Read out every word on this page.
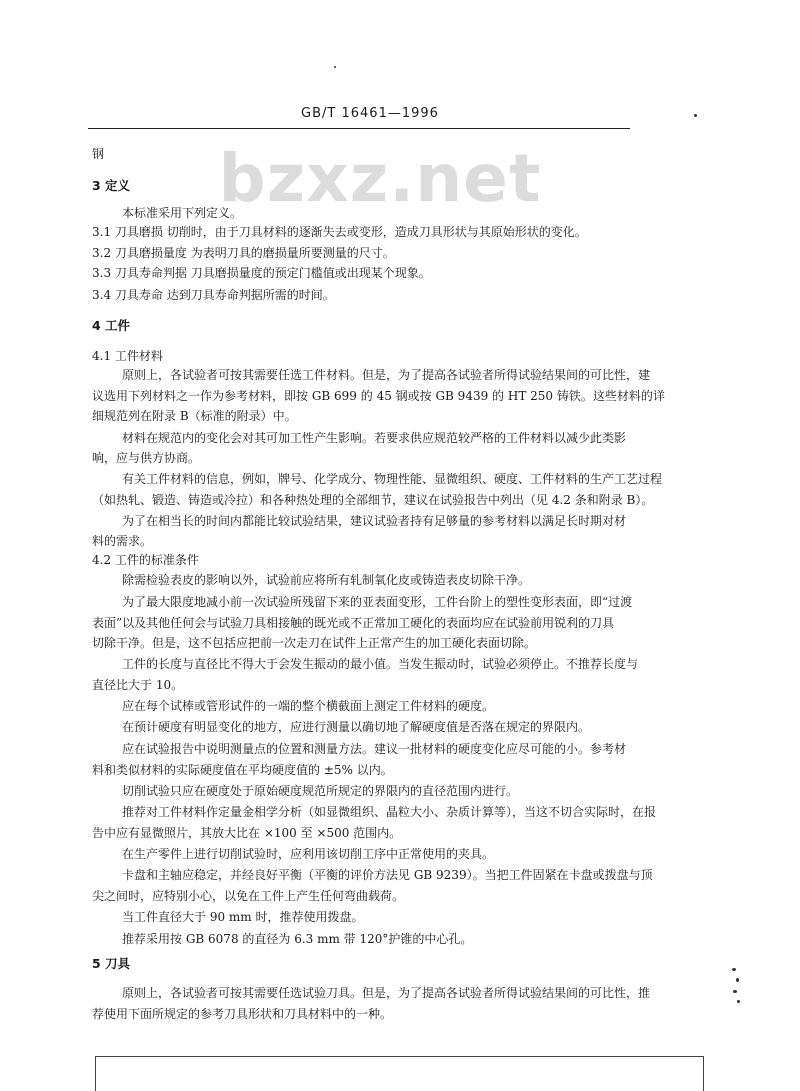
GB/T 16461—1996
bzxz.net
钢
3 定义
本标准采用下列定义。
3.1 刀具磨损 切削时，由于刀具材料的逐渐失去或变形，造成刀具形状与其原始形状的变化。
3.2 刀具磨损量度 为表明刀具的磨损量所要测量的尺寸。
3.3 刀具寿命判据 刀具磨损量度的预定门槛值或出现某个现象。
3.4 刀具寿命 达到刀具寿命判据所需的时间。
4 工件
4.1 工件材料
原则上，各试验者可按其需要任选工件材料。但是，为了提高各试验者所得试验结果间的可比性，建
议选用下列材料之一作为参考材料，即按 GB 699 的 45 钢或按 GB 9439 的 HT 250 铸铁。这些材料的详
细规范列在附录 B（标准的附录）中。
材料在规范内的变化会对其可加工性产生影响。若要求供应规范较严格的工件材料以减少此类影
响，应与供方协商。
有关工件材料的信息，例如，牌号、化学成分、物理性能、显微组织、硬度、工件材料的生产工艺过程
（如热轧、锻造、铸造或冷拉）和各种热处理的全部细节，建议在试验报告中列出（见 4.2 条和附录 B）。
为了在相当长的时间内都能比较试验结果，建议试验者持有足够量的参考材料以满足长时期对材
料的需求。
4.2 工件的标准条件
除需检验表皮的影响以外，试验前应将所有轧制氧化皮或铸造表皮切除干净。
为了最大限度地减小前一次试验所残留下来的亚表面变形，工件台阶上的塑性变形表面，即“过渡
表面”以及其他任何会与试验刀具相接触的既光或不正常加工硬化的表面均应在试验前用锐利的刀具
切除干净。但是，这不包括应把前一次走刀在试件上正常产生的加工硬化表面切除。
工件的长度与直径比不得大于会发生振动的最小值。当发生振动时，试验必须停止。不推荐长度与
直径比大于 10。
应在每个试棒或管形试件的一端的整个横截面上测定工件材料的硬度。
在预计硬度有明显变化的地方，应进行测量以确切地了解硬度值是否落在规定的界限内。
应在试验报告中说明测量点的位置和测量方法。建议一批材料的硬度变化应尽可能的小。参考材
料和类似材料的实际硬度值在平均硬度值的 ±5% 以内。
切削试验只应在硬度处于原始硬度规范所规定的界限内的直径范围内进行。
推荐对工件材料作定量金相学分析（如显微组织、晶粒大小、杂质计算等），当这不切合实际时，在报
告中应有显微照片，其放大比在 ×100 至 ×500 范围内。
在生产零件上进行切削试验时，应利用该切削工序中正常使用的夹具。
卡盘和主轴应稳定，并经良好平衡（平衡的评价方法见 GB 9239）。当把工件固紧在卡盘或拨盘与顶
尖之间时，应特别小心，以免在工件上产生任何弯曲载荷。
当工件直径大于 90 mm 时，推荐使用拨盘。
推荐采用按 GB 6078 的直径为 6.3 mm 带 120°护锥的中心孔。
5 刀具
原则上，各试验者可按其需要任选试验刀具。但是，为了提高各试验者所得试验结果间的可比性，推
荐使用下面所规定的参考刀具形状和刀具材料中的一种。
